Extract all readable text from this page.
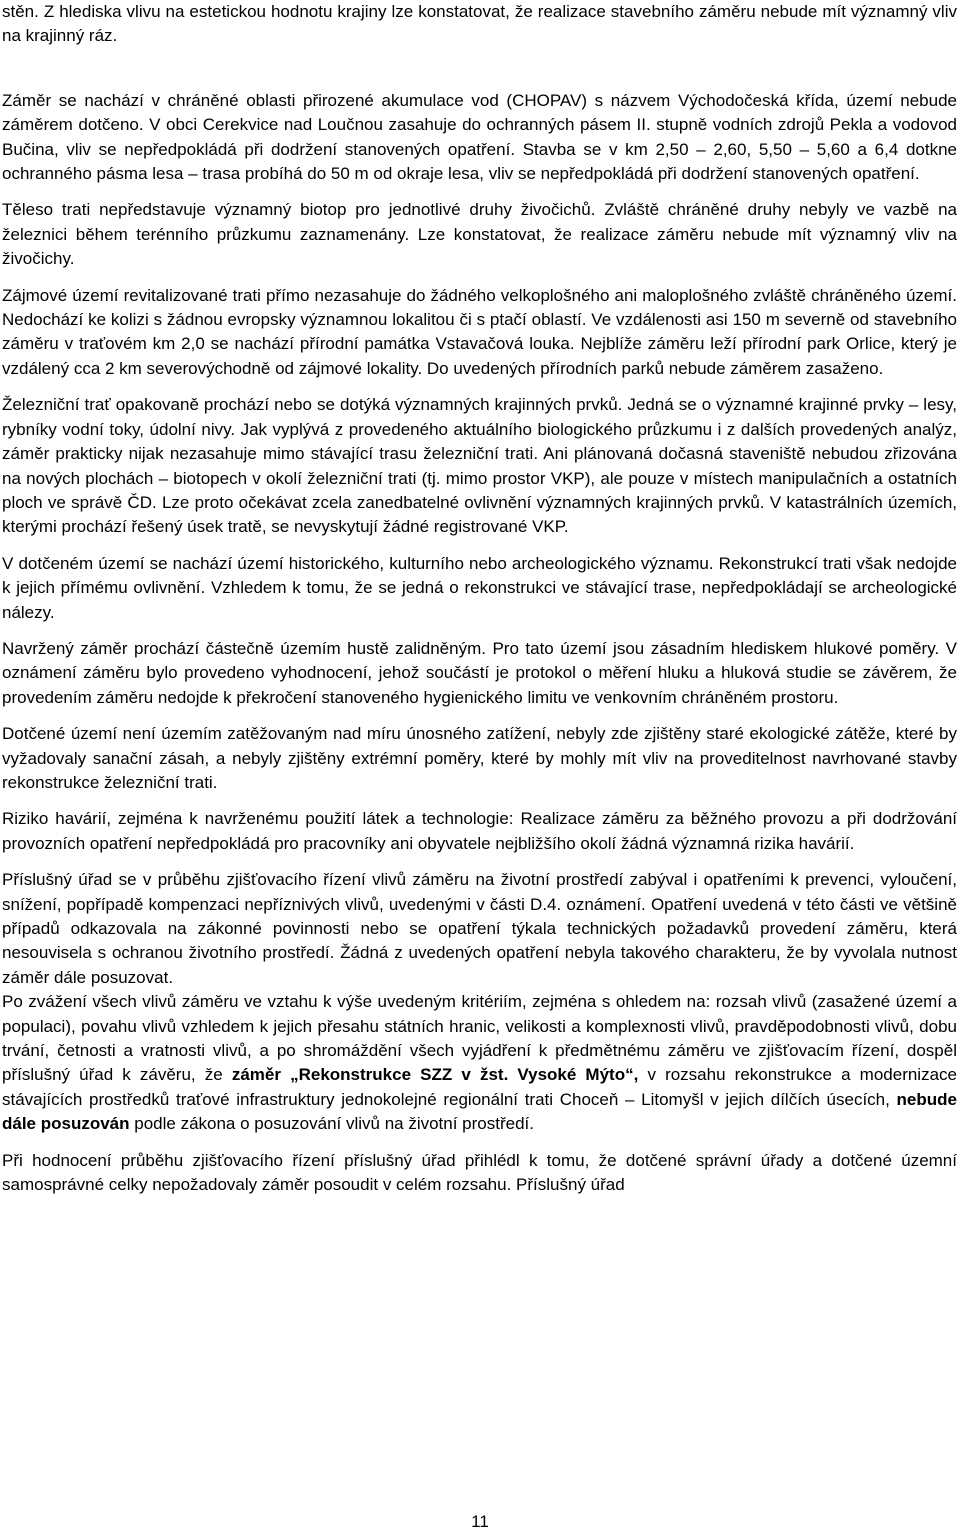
stěn. Z hlediska vlivu na estetickou hodnotu krajiny lze konstatovat, že realizace stavebního záměru nebude mít významný vliv na krajinný ráz.

Záměr se nachází v chráněné oblasti přirozené akumulace vod (CHOPAV) s názvem Východočeská křída, území nebude záměrem dotčeno. V obci Cerekvice nad Loučnou zasahuje do ochranných pásem II. stupně vodních zdrojů Pekla a vodovod Bučina, vliv se nepředpokládá při dodržení stanovených opatření. Stavba se v km 2,50 – 2,60, 5,50 – 5,60 a 6,4 dotkne ochranného pásma lesa – trasa probíhá do 50 m od okraje lesa, vliv se nepředpokládá při dodržení stanovených opatření.

Těleso trati nepředstavuje významný biotop pro jednotlivé druhy živočichů. Zvláště chráněné druhy nebyly ve vazbě na železnici během terénního průzkumu zaznamenány. Lze konstatovat, že realizace záměru nebude mít významný vliv na živočichy.

Zájmové území revitalizované trati přímo nezasahuje do žádného velkoplošného ani maloplošného zvláště chráněného území. Nedochází ke kolizi s žádnou evropsky významnou lokalitou či s ptačí oblastí. Ve vzdálenosti asi 150 m severně od stavebního záměru v traťovém km 2,0 se nachází přírodní památka Vstavačová louka. Nejblíže záměru leží přírodní park Orlice, který je vzdálený cca 2 km severovýchodně od zájmové lokality. Do uvedených přírodních parků nebude záměrem zasaženo.

Železniční trať opakovaně prochází nebo se dotýká významných krajinných prvků. Jedná se o významné krajinné prvky – lesy, rybníky vodní toky, údolní nivy. Jak vyplývá z provedeného aktuálního biologického průzkumu i z dalších provedených analýz, záměr prakticky nijak nezasahuje mimo stávající trasu železniční trati. Ani plánovaná dočasná staveniště nebudou zřizována na nových plochách – biotopech v okolí železniční trati (tj. mimo prostor VKP), ale pouze v místech manipulačních a ostatních ploch ve správě ČD. Lze proto očekávat zcela zanedbatelné ovlivnění významných krajinných prvků. V katastrálních územích, kterými prochází řešený úsek tratě, se nevyskytují žádné registrované VKP.

V dotčeném území se nachází území historického, kulturního nebo archeologického významu. Rekonstrukcí trati však nedojde k jejich přímému ovlivnění. Vzhledem k tomu, že se jedná o rekonstrukci ve stávající trase, nepředpokládají se archeologické nálezy.

Navržený záměr prochází částečně územím hustě zalidněným. Pro tato území jsou zásadním hlediskem hlukové poměry. V oznámení záměru bylo provedeno vyhodnocení, jehož součástí je protokol o měření hluku a hluková studie se závěrem, že provedením záměru nedojde k překročení stanoveného hygienického limitu ve venkovním chráněném prostoru.

Dotčené území není územím zatěžovaným nad míru únosného zatížení, nebyly zde zjištěny staré ekologické zátěže, které by vyžadovaly sanační zásah, a nebyly zjištěny extrémní poměry, které by mohly mít vliv na proveditelnost navrhované stavby rekonstrukce železniční trati.

Riziko havárií, zejména k navrženému použití látek a technologie: Realizace záměru za běžného provozu a při dodržování provozních opatření nepředpokládá pro pracovníky ani obyvatele nejbližšího okolí žádná významná rizika havárií.

Příslušný úřad se v průběhu zjišťovacího řízení vlivů záměru na životní prostředí zabýval i opatřeními k prevenci, vyloučení, snížení, popřípadě kompenzaci nepříznivých vlivů, uvedenými v části D.4. oznámení. Opatření uvedená v této části ve většině případů odkazovala na zákonné povinnosti nebo se opatření týkala technických požadavků provedení záměru, která nesouvisela s ochranou životního prostředí. Žádná z uvedených opatření nebyla takového charakteru, že by vyvolala nutnost záměr dále posuzovat.

Po zvážení všech vlivů záměru ve vztahu k výše uvedeným kritériím, zejména s ohledem na: rozsah vlivů (zasažené území a populaci), povahu vlivů vzhledem k jejich přesahu státních hranic, velikosti a komplexnosti vlivů, pravděpodobnosti vlivů, dobu trvání, četnosti a vratnosti vlivů, a po shromáždění všech vyjádření k předmětnému záměru ve zjišťovacím řízení, dospěl příslušný úřad k závěru, že záměr „Rekonstrukce SZZ v žst. Vysoké Mýto“, v rozsahu rekonstrukce a modernizace stávajících prostředků traťové infrastruktury jednokolejné regionální trati Choceň – Litomyšl v jejich dílčích úsecích, nebude dále posuzován podle zákona o posuzování vlivů na životní prostředí.

Při hodnocení průběhu zjišťovacího řízení příslušný úřad přihlédl k tomu, že dotčené správní úřady a dotčené územní samosprávné celky nepožadovaly záměr posoudit v celém rozsahu. Příslušný úřad

11
